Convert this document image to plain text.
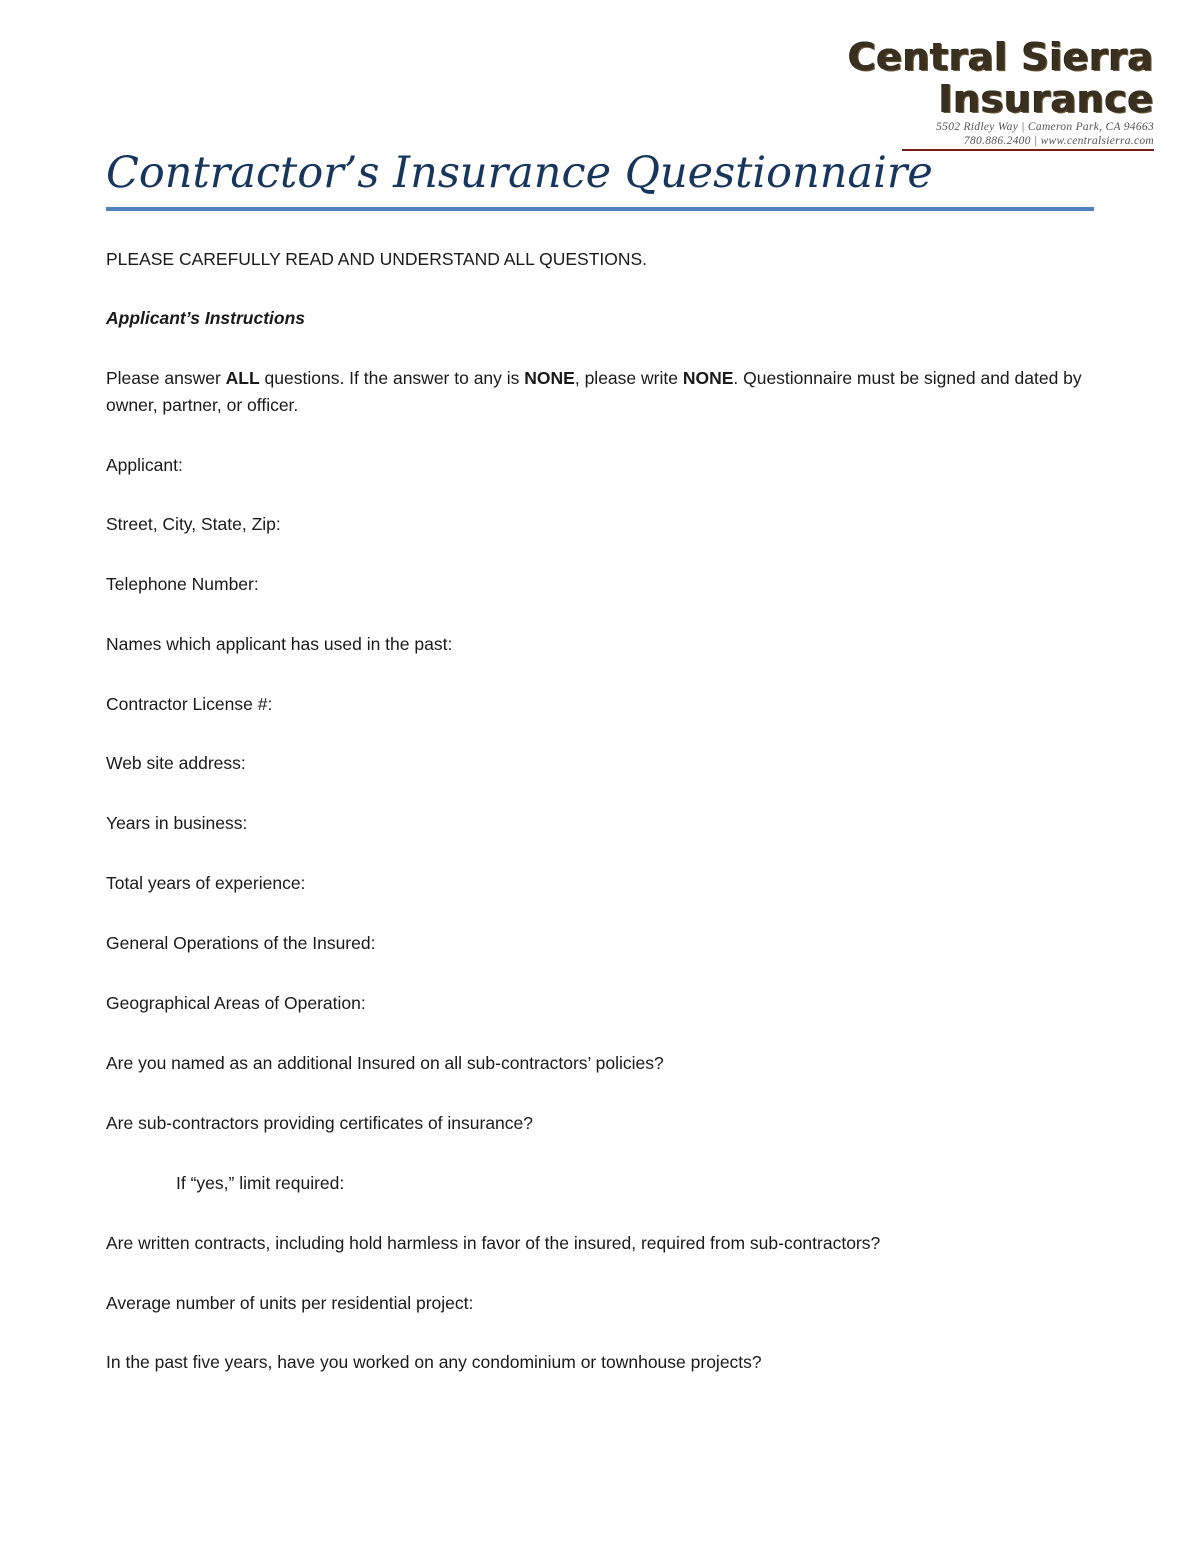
Central Sierra Insurance
5502 Ridley Way | Cameron Park, CA 94663
780.886.2400 | www.centralsierra.com
Contractor’s Insurance Questionnaire
PLEASE CAREFULLY READ AND UNDERSTAND ALL QUESTIONS.
Applicant’s Instructions
Please answer ALL questions. If the answer to any is NONE, please write NONE. Questionnaire must be signed and dated by owner, partner, or officer.
Applicant:
Street, City, State, Zip:
Telephone Number:
Names which applicant has used in the past:
Contractor License #:
Web site address:
Years in business:
Total years of experience:
General Operations of the Insured:
Geographical Areas of Operation:
Are you named as an additional Insured on all sub-contractors’ policies?
Are sub-contractors providing certificates of insurance?
If “yes,” limit required:
Are written contracts, including hold harmless in favor of the insured, required from sub-contractors?
Average number of units per residential project:
In the past five years, have you worked on any condominium or townhouse projects?
